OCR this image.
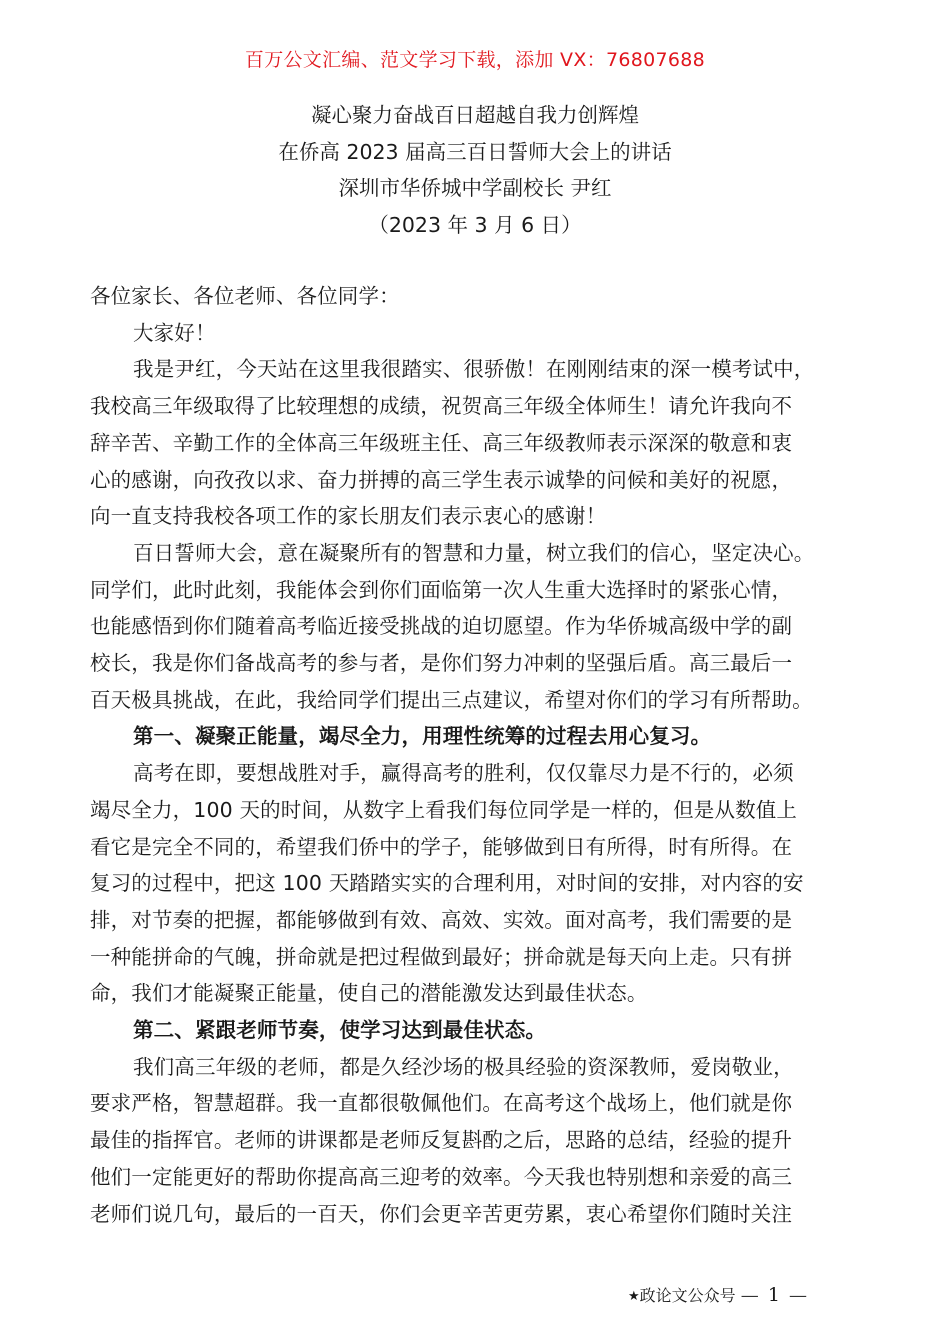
百万公文汇编、范文学习下载，添加 VX：76807688
凝心聚力奋战百日超越自我力创辉煌
在侨高 2023 届高三百日誓师大会上的讲话
深圳市华侨城中学副校长 尹红
（2023 年 3 月 6 日）
各位家长、各位老师、各位同学：
大家好！
我是尹红，今天站在这里我很踏实、很骄傲！在刚刚结束的深一模考试中，
我校高三年级取得了比较理想的成绩，祝贺高三年级全体师生！请允许我向不
辞辛苦、辛勤工作的全体高三年级班主任、高三年级教师表示深深的敬意和衷
心的感谢，向孜孜以求、奋力拼搏的高三学生表示诚挚的问候和美好的祝愿，
向一直支持我校各项工作的家长朋友们表示衷心的感谢！
百日誓师大会，意在凝聚所有的智慧和力量，树立我们的信心，坚定决心。
同学们，此时此刻，我能体会到你们面临第一次人生重大选择时的紧张心情，
也能感悟到你们随着高考临近接受挑战的迫切愿望。作为华侨城高级中学的副
校长，我是你们备战高考的参与者，是你们努力冲刺的坚强后盾。高三最后一
百天极具挑战，在此，我给同学们提出三点建议，希望对你们的学习有所帮助。
第一、凝聚正能量，竭尽全力，用理性统筹的过程去用心复习。
高考在即，要想战胜对手，赢得高考的胜利，仅仅靠尽力是不行的，必须
竭尽全力，100 天的时间，从数字上看我们每位同学是一样的，但是从数值上
看它是完全不同的，希望我们侨中的学子，能够做到日有所得，时有所得。在
复习的过程中，把这 100 天踏踏实实的合理利用，对时间的安排，对内容的安
排，对节奏的把握，都能够做到有效、高效、实效。面对高考，我们需要的是
一种能拼命的气魄，拼命就是把过程做到最好；拼命就是每天向上走。只有拼
命，我们才能凝聚正能量，使自己的潜能激发达到最佳状态。
第二、紧跟老师节奏，使学习达到最佳状态。
我们高三年级的老师，都是久经沙场的极具经验的资深教师，爱岗敬业，
要求严格，智慧超群。我一直都很敬佩他们。在高考这个战场上，他们就是你
最佳的指挥官。老师的讲课都是老师反复斟酌之后，思路的总结，经验的提升
他们一定能更好的帮助你提高高三迎考的效率。今天我也特别想和亲爱的高三
老师们说几句，最后的一百天，你们会更辛苦更劳累，衷心希望你们随时关注
★政论文公众号 — 1 —
